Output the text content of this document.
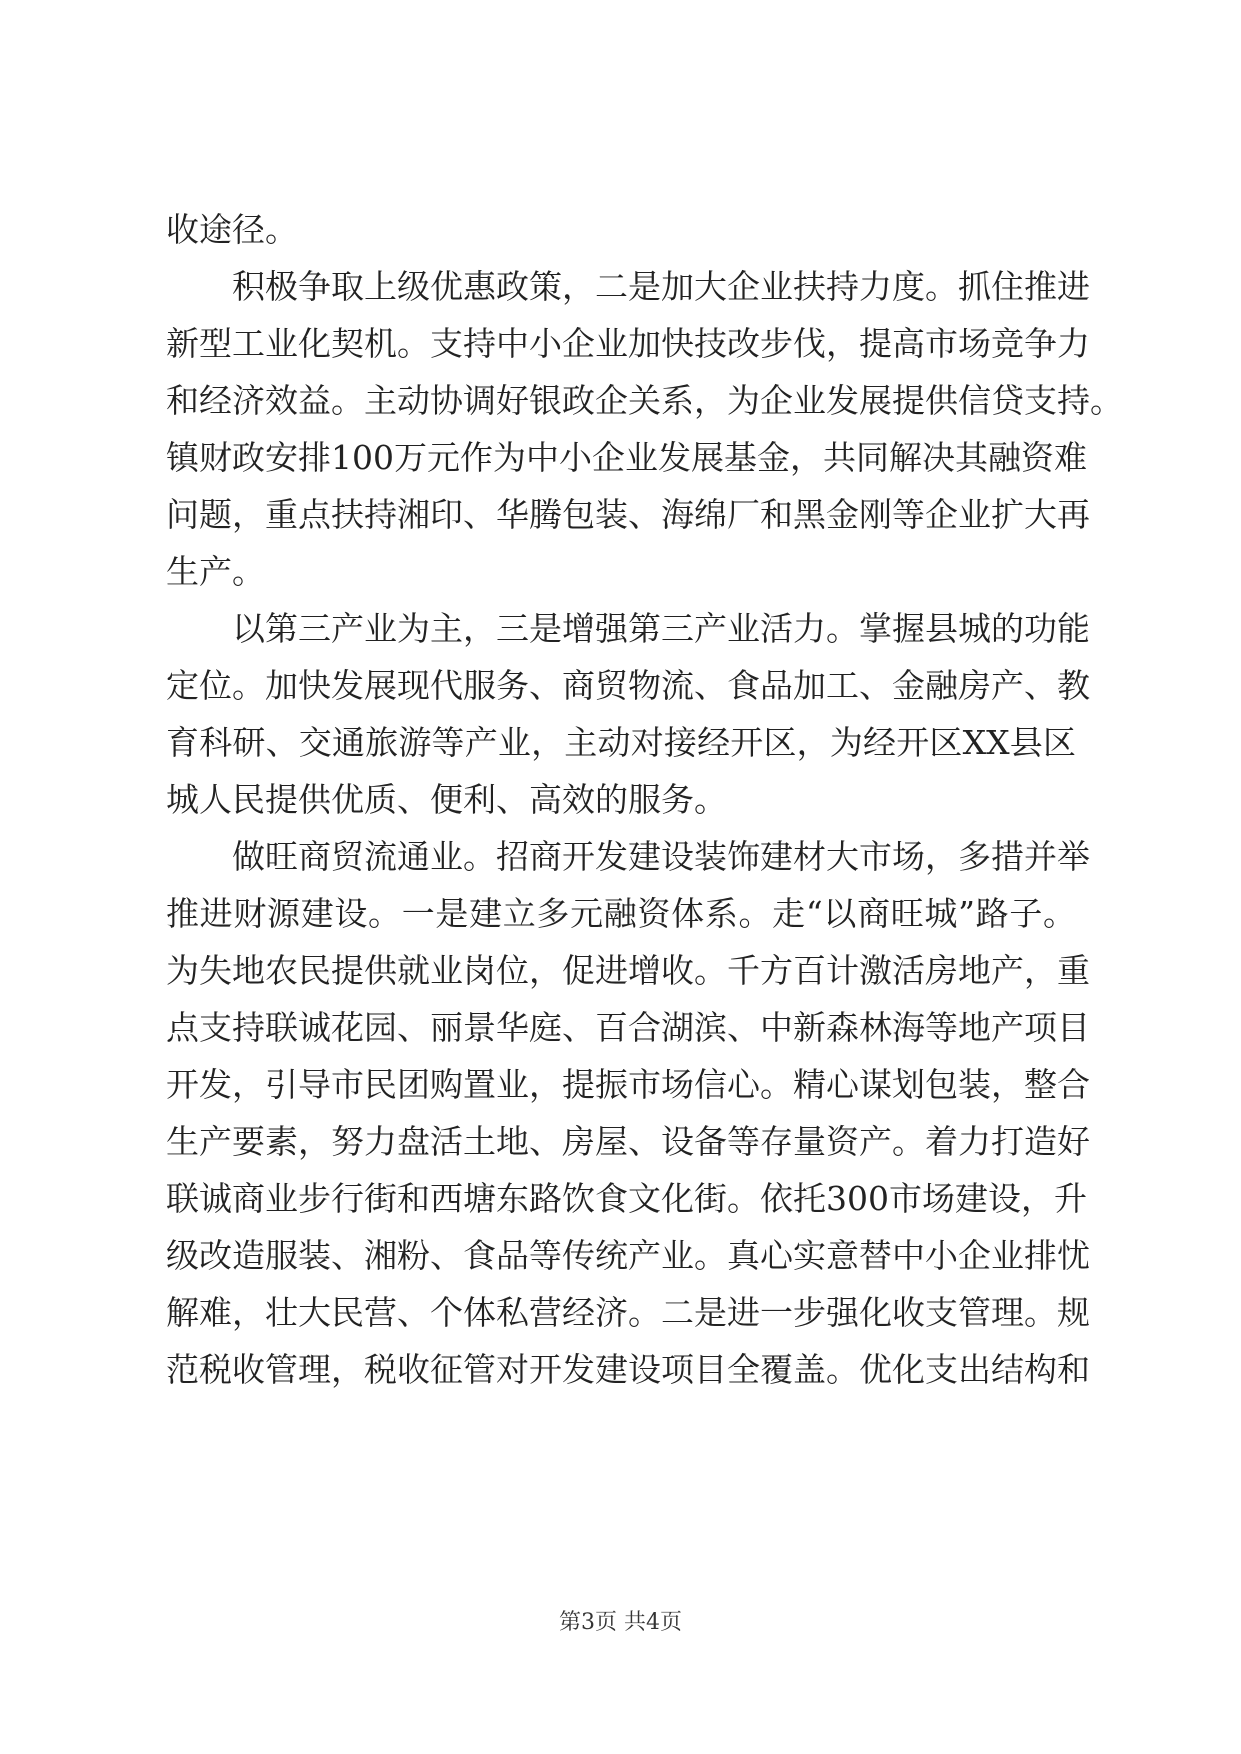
收途径。
积极争取上级优惠政策，二是加大企业扶持力度。抓住推进
新型工业化契机。支持中小企业加快技改步伐，提高市场竞争力
和经济效益。主动协调好银政企关系，为企业发展提供信贷支持。
镇财政安排100万元作为中小企业发展基金，共同解决其融资难
问题，重点扶持湘印、华腾包装、海绵厂和黑金刚等企业扩大再
生产。
以第三产业为主，三是增强第三产业活力。掌握县城的功能
定位。加快发展现代服务、商贸物流、食品加工、金融房产、教
育科研、交通旅游等产业，主动对接经开区，为经开区XX县区
城人民提供优质、便利、高效的服务。
做旺商贸流通业。招商开发建设装饰建材大市场，多措并举
推进财源建设。一是建立多元融资体系。走“以商旺城”路子。
为失地农民提供就业岗位，促进增收。千方百计激活房地产，重
点支持联诚花园、丽景华庭、百合湖滨、中新森林海等地产项目
开发，引导市民团购置业，提振市场信心。精心谋划包装，整合
生产要素，努力盘活土地、房屋、设备等存量资产。着力打造好
联诚商业步行街和西塘东路饮食文化街。依托300市场建设，升
级改造服装、湘粉、食品等传统产业。真心实意替中小企业排忧
解难，壮大民营、个体私营经济。二是进一步强化收支管理。规
范税收管理，税收征管对开发建设项目全覆盖。优化支出结构和
第3页 共4页
